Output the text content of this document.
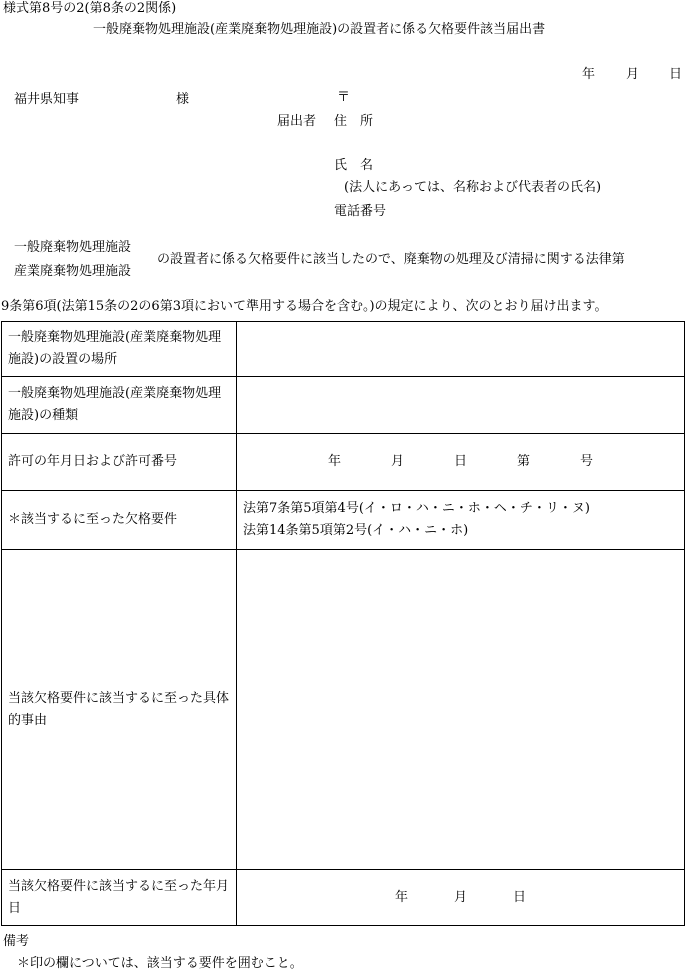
様式第8号の2(第8条の2関係)
一般廃棄物処理施設(産業廃棄物処理施設)の設置者に係る欠格要件該当届出書
年 月 日
福井県知事	様	〒
届出者 住　所
氏　名
(法人にあっては、名称および代表者の氏名)
電話番号
一般廃棄物処理施設
産業廃棄物処理施設
の設置者に係る欠格要件に該当したので、廃棄物の処理及び清掃に関する法律第
9条第6項(法第15条の2の6第3項において準用する場合を含む。)の規定により、次のとおり届け出ます。
一般廃棄物処理施設(産業廃棄物処理施設)の設置の場所	
一般廃棄物処理施設(産業廃棄物処理施設)の種類	
許可の年月日および許可番号	年 月 日 第 号

＊該当するに至った欠格要件	法第7条第5項第4号(イ・ロ・ハ・ニ・ホ・ヘ・チ・リ・ヌ)
法第14条第5項第2号(イ・ハ・ニ・ホ)

当該欠格要件に該当するに至った具体的事由	
当該欠格要件に該当するに至った年月日	年 月 日
備考
＊印の欄については、該当する要件を囲むこと。
